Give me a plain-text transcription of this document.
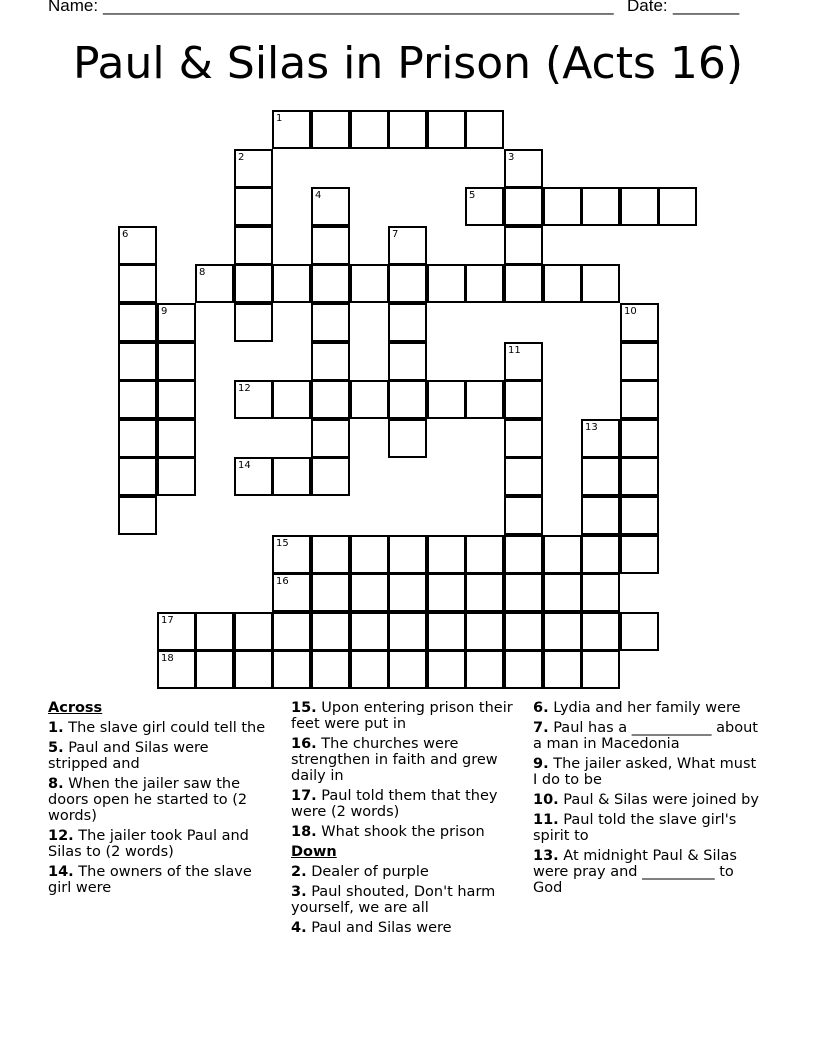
Name: ______________________________________________________ Date: _______
Paul & Silas in Prison (Acts 16)
1
5
8
12
14
15
16
17
18
2	3
4
6	7
9	10
11
13
Across
1. The slave girl could tell the
5. Paul and Silas were stripped and
8. When the jailer saw the doors open he started to (2 words)
12. The jailer took Paul and Silas to (2 words)
14. The owners of the slave girl were
15. Upon entering prison their feet were put in
16. The churches were strengthen in faith and grew daily in
17. Paul told them that they were (2 words)
18. What shook the prison
Down
2. Dealer of purple
3. Paul shouted, Don't harm yourself, we are all
4. Paul and Silas were
6. Lydia and her family were
7. Paul has a ___________ about a man in Macedonia
9. The jailer asked, What must I do to be
10. Paul & Silas were joined by
11. Paul told the slave girl's spirit to
13. At midnight Paul & Silas were pray and __________ to God
